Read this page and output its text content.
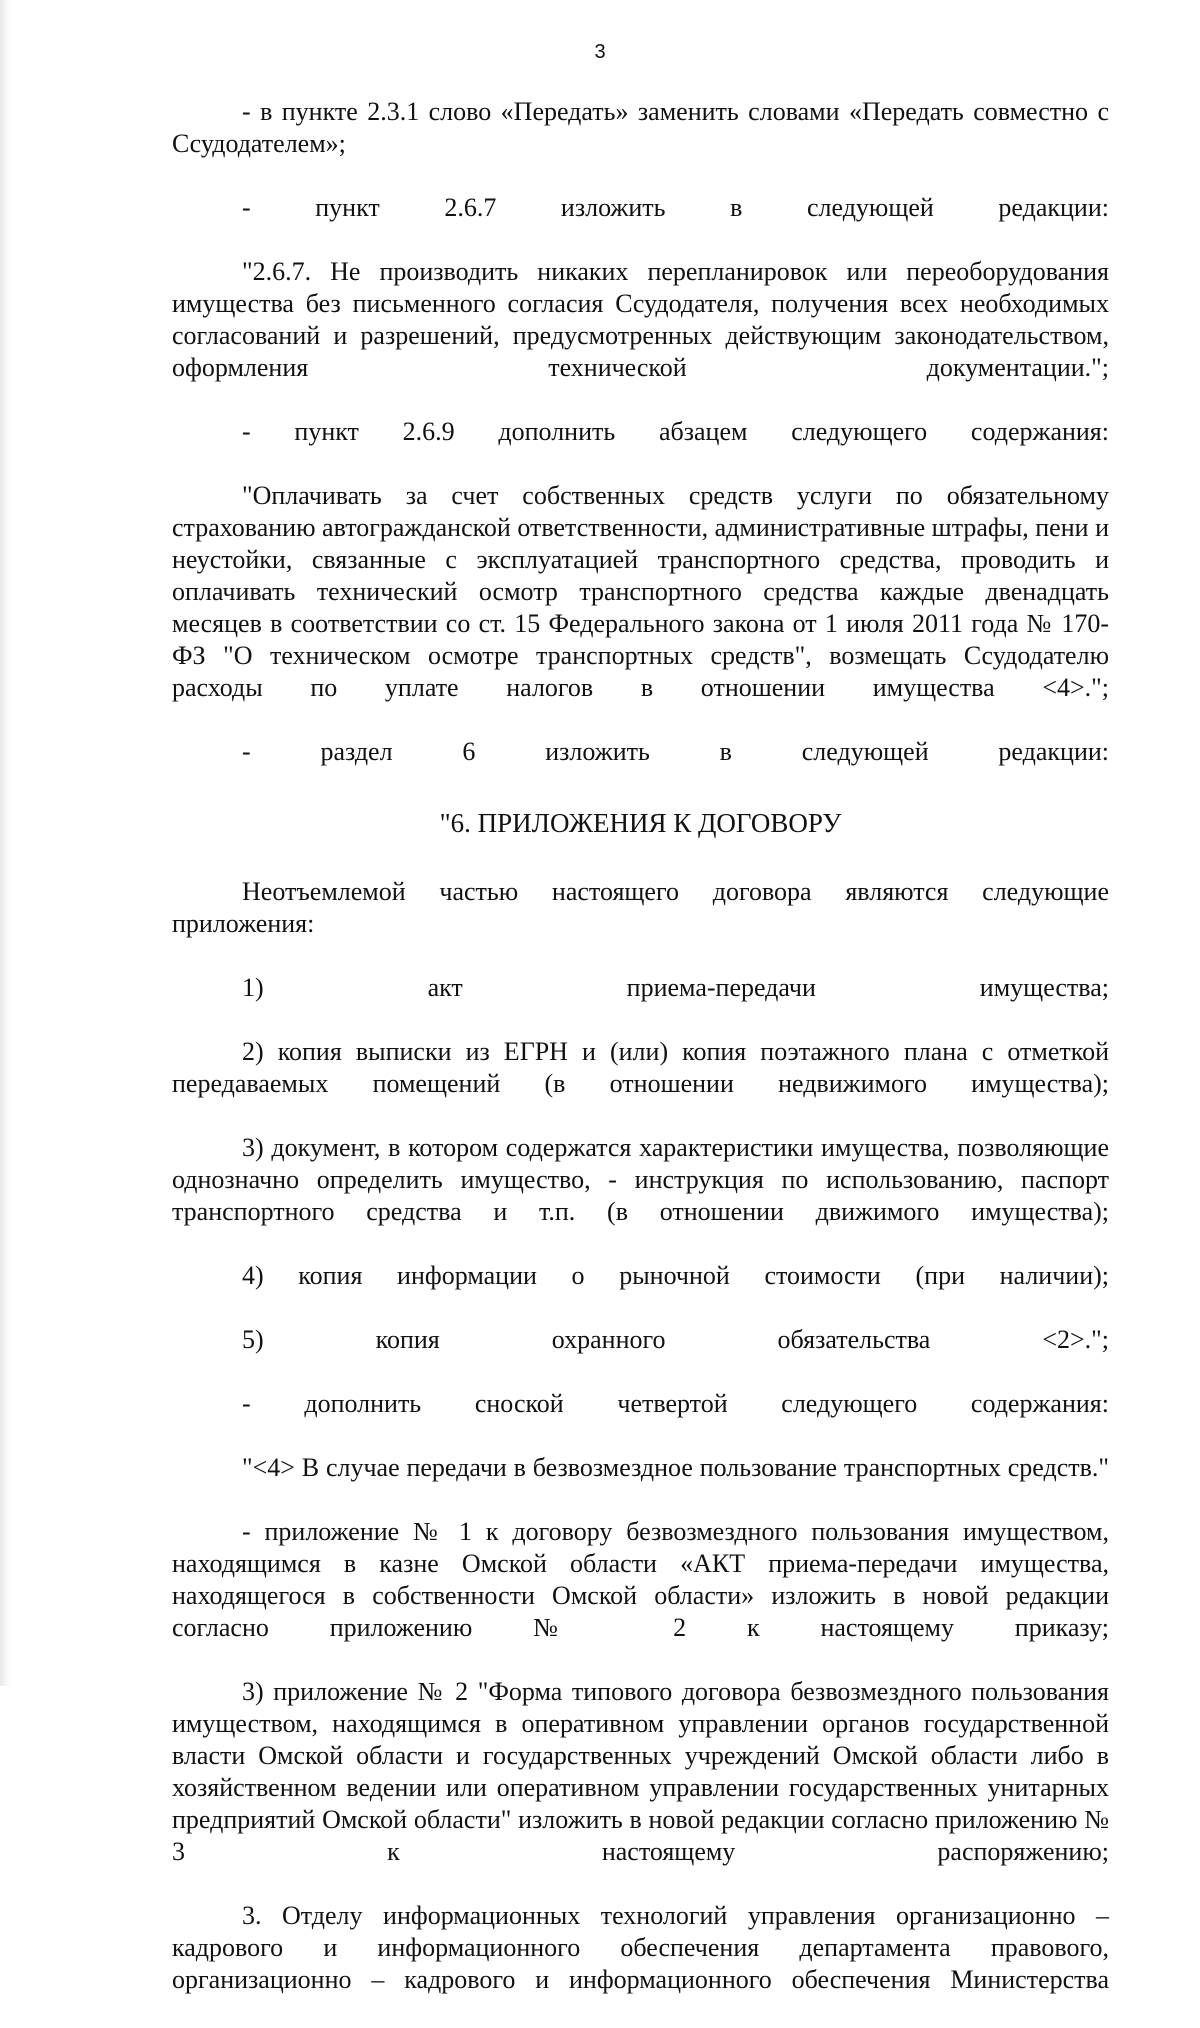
3

- в пункте 2.3.1 слово «Передать» заменить словами «Передать совместно с Ссудодателем»;

- пункт 2.6.7 изложить в следующей редакции:

"2.6.7. Не производить никаких перепланировок или переоборудования имущества без письменного согласия Ссудодателя, получения всех необходимых согласований и разрешений, предусмотренных действующим законодательством, оформления технической документации.";

- пункт 2.6.9 дополнить абзацем следующего содержания:

"Оплачивать за счет собственных средств услуги по обязательному страхованию автогражданской ответственности, административные штрафы, пени и неустойки, связанные с эксплуатацией транспортного средства, проводить и оплачивать технический осмотр транспортного средства каждые двенадцать месяцев в соответствии со ст. 15 Федерального закона от 1 июля 2011 года № 170-ФЗ "О техническом осмотре транспортных средств", возмещать Ссудодателю расходы по уплате налогов в отношении имущества <4>.";

- раздел 6 изложить в следующей редакции:

"6. ПРИЛОЖЕНИЯ К ДОГОВОРУ

Неотъемлемой частью настоящего договора являются следующие приложения:

1) акт приема-передачи имущества;

2) копия выписки из ЕГРН и (или) копия поэтажного плана с отметкой передаваемых помещений (в отношении недвижимого имущества);

3) документ, в котором содержатся характеристики имущества, позволяющие однозначно определить имущество, - инструкция по использованию, паспорт транспортного средства и т.п. (в отношении движимого имущества);

4) копия информации о рыночной стоимости (при наличии);

5) копия охранного обязательства <2>.";

- дополнить сноской четвертой следующего содержания:

"<4> В случае передачи в безвозмездное пользование транспортных средств."

- приложение № 1 к договору безвозмездного пользования имуществом, находящимся в казне Омской области «АКТ приема-передачи имущества, находящегося в собственности Омской области» изложить в новой редакции согласно приложению № 2 к настоящему приказу;

3) приложение № 2 "Форма типового договора безвозмездного пользования имуществом, находящимся в оперативном управлении органов государственной власти Омской области и государственных учреждений Омской области либо в хозяйственном ведении или оперативном управлении государственных унитарных предприятий Омской области" изложить в новой редакции согласно приложению № 3 к настоящему распоряжению;

3. Отделу информационных технологий управления организационно – кадрового и информационного обеспечения департамента правового, организационно – кадрового и информационного обеспечения Министерства
